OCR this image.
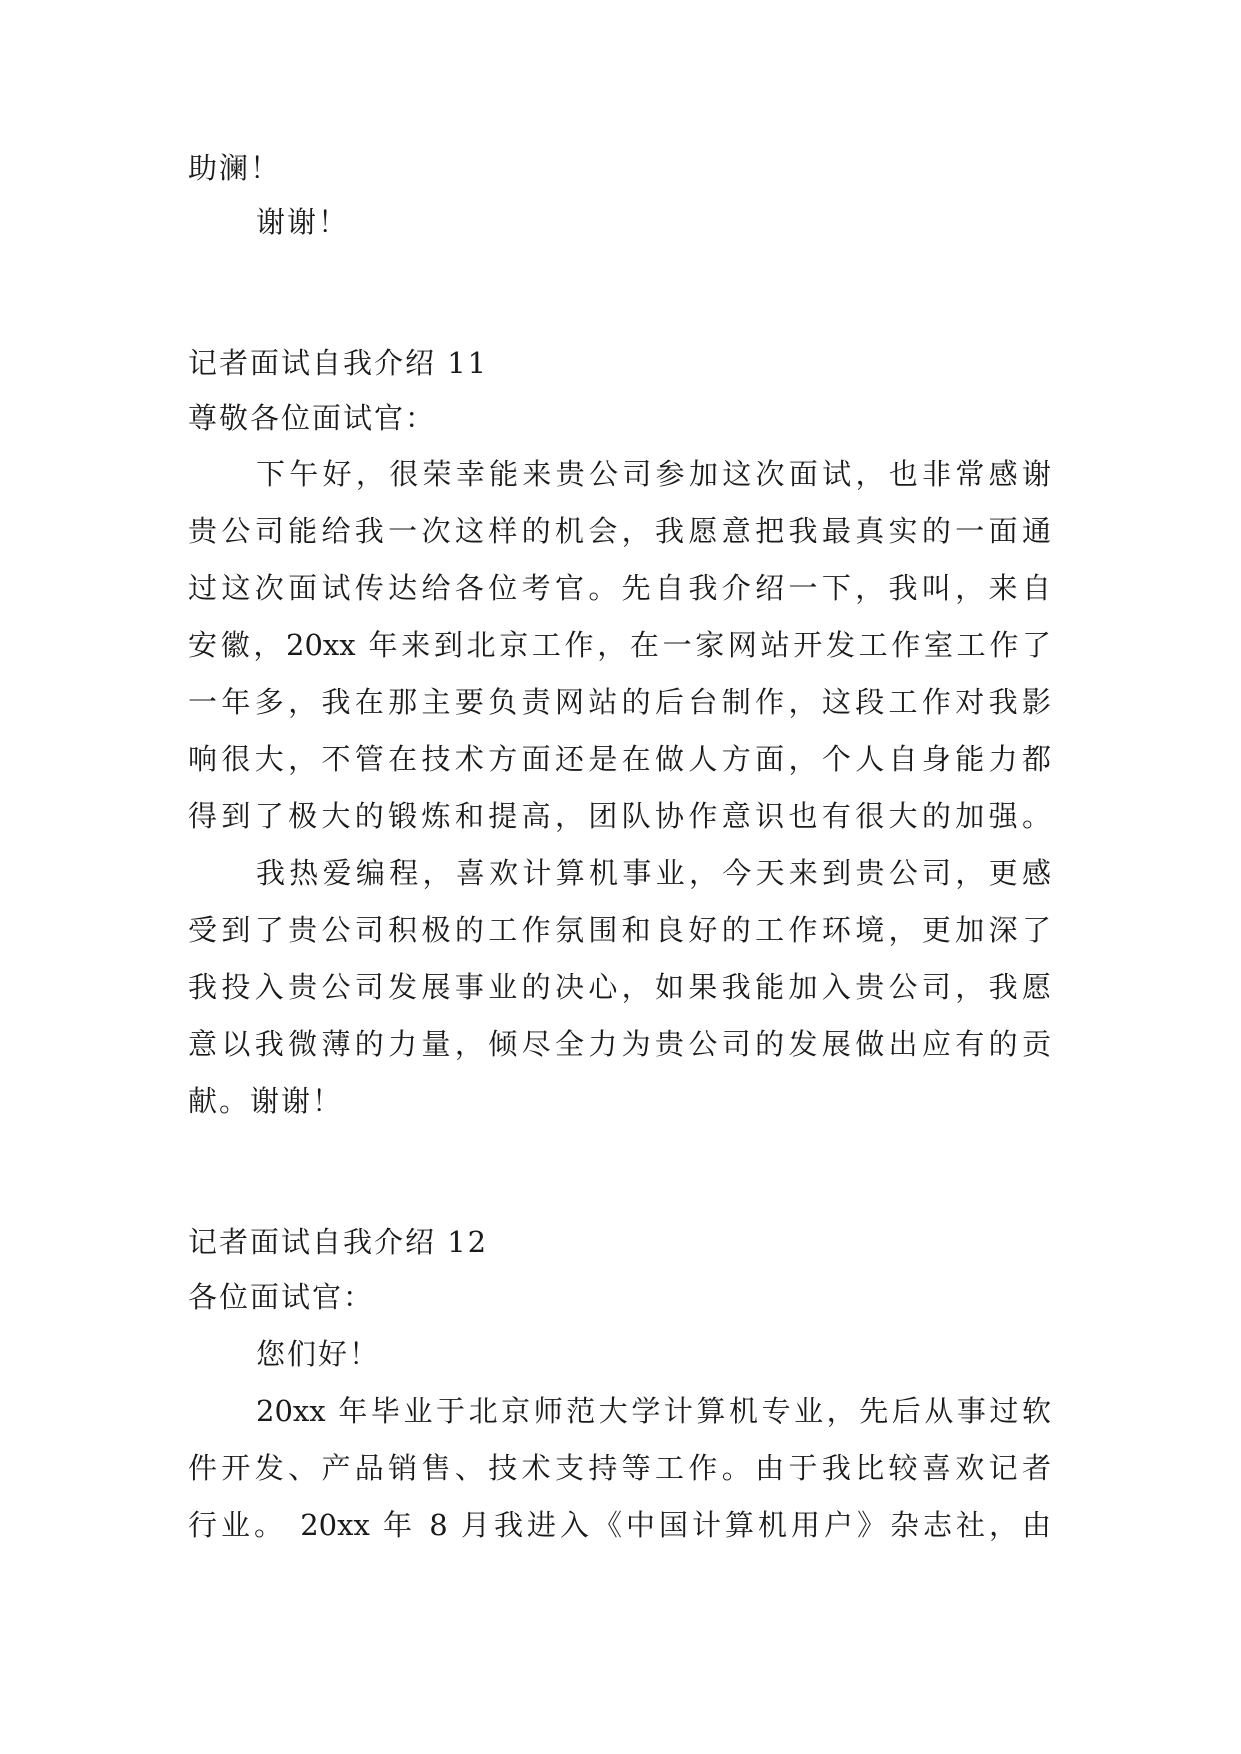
助澜！
谢谢！
记者面试自我介绍 11
尊敬各位面试官：
下午好，很荣幸能来贵公司参加这次面试，也非常感谢
贵公司能给我一次这样的机会，我愿意把我最真实的一面通
过这次面试传达给各位考官。先自我介绍一下，我叫，来自
安徽，20xx 年来到北京工作，在一家网站开发工作室工作了
一年多，我在那主要负责网站的后台制作，这段工作对我影
响很大，不管在技术方面还是在做人方面，个人自身能力都
得到了极大的锻炼和提高，团队协作意识也有很大的加强。
我热爱编程，喜欢计算机事业，今天来到贵公司，更感
受到了贵公司积极的工作氛围和良好的工作环境，更加深了
我投入贵公司发展事业的决心，如果我能加入贵公司，我愿
意以我微薄的力量，倾尽全力为贵公司的发展做出应有的贡
献。谢谢！
记者面试自我介绍 12
各位面试官：
您们好！
20xx 年毕业于北京师范大学计算机专业，先后从事过软
件开发、产品销售、技术支持等工作。由于我比较喜欢记者
行业。 20xx 年 8 月我进入《中国计算机用户》杂志社，由
